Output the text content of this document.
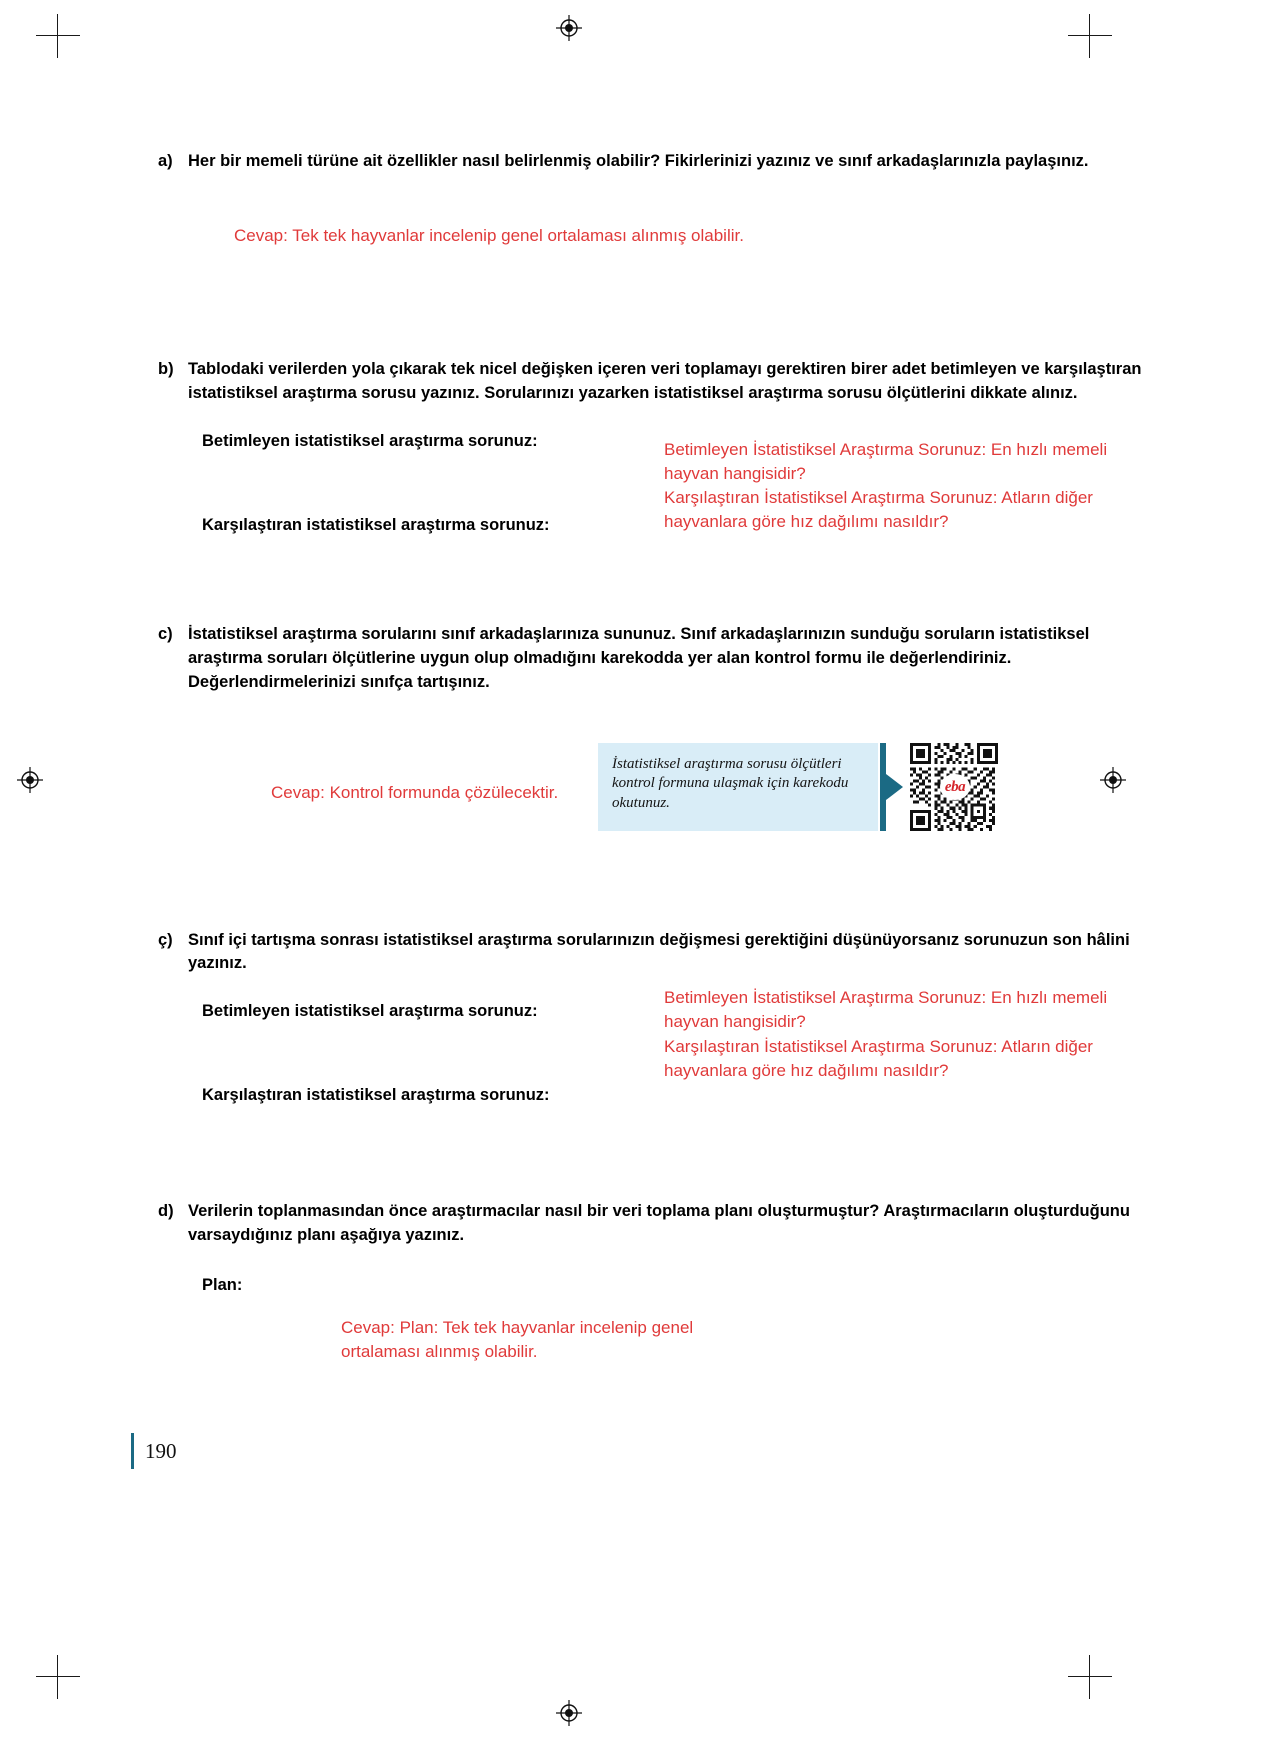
a) Her bir memeli türüne ait özellikler nasıl belirlenmiş olabilir? Fikirlerinizi yazınız ve sınıf arkadaşlarınızla paylaşınız.
Cevap: Tek tek hayvanlar incelenip genel ortalaması alınmış olabilir.
b) Tablodaki verilerden yola çıkarak tek nicel değişken içeren veri toplamayı gerektiren birer adet betimleyen ve karşılaştıran istatistiksel araştırma sorusu yazınız. Sorularınızı yazarken istatistiksel araştırma sorusu ölçütlerini dikkate alınız.
Betimleyen istatistiksel araştırma sorunuz:
Karşılaştıran istatistiksel araştırma sorunuz:
Betimleyen İstatistiksel Araştırma Sorunuz: En hızlı memeli hayvan hangisidir?
Karşılaştıran İstatistiksel Araştırma Sorunuz: Atların diğer hayvanlara göre hız dağılımı nasıldır?
c) İstatistiksel araştırma sorularını sınıf arkadaşlarınıza sununuz. Sınıf arkadaşlarınızın sunduğu soruların istatistiksel araştırma soruları ölçütlerine uygun olup olmadığını karekodda yer alan kontrol formu ile değerlendiriniz. Değerlendirmelerinizi sınıfça tartışınız.
Cevap: Kontrol formunda çözülecektir.
İstatistiksel araştırma sorusu ölçütleri kontrol formuna ulaşmak için karekodu okutunuz.
eba
ç) Sınıf içi tartışma sonrası istatistiksel araştırma sorularınızın değişmesi gerektiğini düşünüyorsanız sorunuzun son hâlini yazınız.
Betimleyen istatistiksel araştırma sorunuz:
Karşılaştıran istatistiksel araştırma sorunuz:
Betimleyen İstatistiksel Araştırma Sorunuz: En hızlı memeli hayvan hangisidir?
Karşılaştıran İstatistiksel Araştırma Sorunuz: Atların diğer hayvanlara göre hız dağılımı nasıldır?
d) Verilerin toplanmasından önce araştırmacılar nasıl bir veri toplama planı oluşturmuştur? Araştırmacıların oluşturduğunu varsaydığınız planı aşağıya yazınız.
Plan:
Cevap: Plan: Tek tek hayvanlar incelenip genel ortalaması alınmış olabilir.
190
